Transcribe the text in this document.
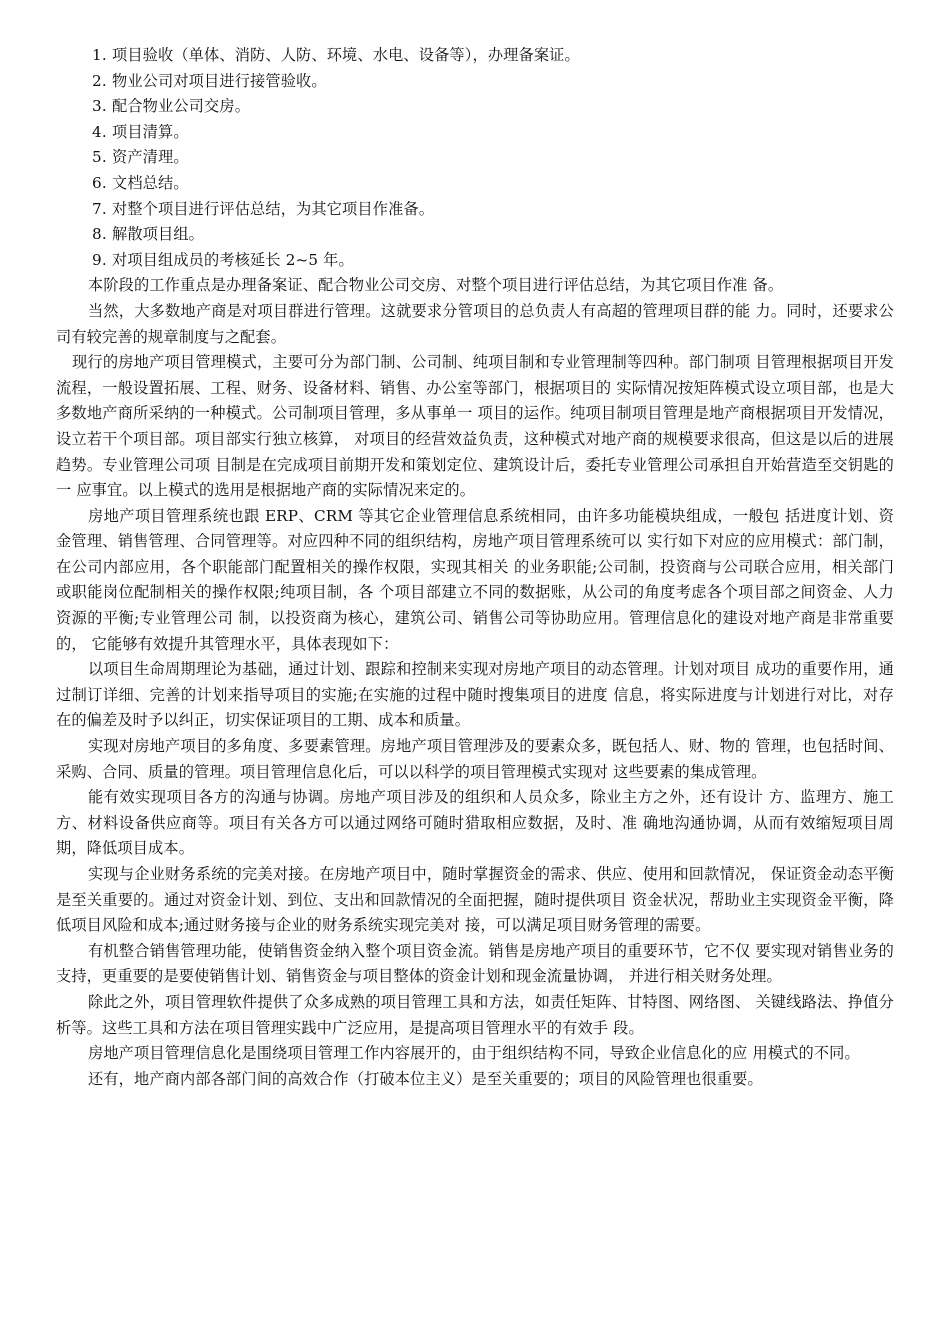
1. 项目验收（单体、消防、人防、环境、水电、设备等），办理备案证。
2. 物业公司对项目进行接管验收。
3. 配合物业公司交房。
4. 项目清算。
5. 资产清理。
6. 文档总结。
7. 对整个项目进行评估总结，为其它项目作准备。
8. 解散项目组。
9. 对项目组成员的考核延长 2~5 年。

本阶段的工作重点是办理备案证、配合物业公司交房、对整个项目进行评估总结，为其它项目作准 备。

当然，大多数地产商是对项目群进行管理。这就要求分管项目的总负责人有高超的管理项目群的能 力。同时，还要求公司有较完善的规章制度与之配套。

现行的房地产项目管理模式，主要可分为部门制、公司制、纯项目制和专业管理制等四种。部门制项 目管理根据项目开发流程，一般设置拓展、工程、财务、设备材料、销售、办公室等部门，根据项目的 实际情况按矩阵模式设立项目部，也是大多数地产商所采纳的一种模式。公司制项目管理，多从事单一 项目的运作。纯项目制项目管理是地产商根据项目开发情况，设立若干个项目部。项目部实行独立核算， 对项目的经营效益负责，这种模式对地产商的规模要求很高，但这是以后的进展趋势。专业管理公司项 目制是在完成项目前期开发和策划定位、建筑设计后，委托专业管理公司承担自开始营造至交钥匙的一 应事宜。以上模式的选用是根据地产商的实际情况来定的。

房地产项目管理系统也跟 ERP、CRM 等其它企业管理信息系统相同，由许多功能模块组成，一般包 括进度计划、资金管理、销售管理、合同管理等。对应四种不同的组织结构，房地产项目管理系统可以 实行如下对应的应用模式：部门制，在公司内部应用，各个职能部门配置相关的操作权限，实现其相关 的业务职能;公司制，投资商与公司联合应用，相关部门或职能岗位配制相关的操作权限;纯项目制，各 个项目部建立不同的数据账，从公司的角度考虑各个项目部之间资金、人力资源的平衡;专业管理公司 制，以投资商为核心，建筑公司、销售公司等协助应用。管理信息化的建设对地产商是非常重要的， 它能够有效提升其管理水平，具体表现如下：

以项目生命周期理论为基础，通过计划、跟踪和控制来实现对房地产项目的动态管理。计划对项目 成功的重要作用，通过制订详细、完善的计划来指导项目的实施;在实施的过程中随时搜集项目的进度 信息，将实际进度与计划进行对比，对存在的偏差及时予以纠正，切实保证项目的工期、成本和质量。

实现对房地产项目的多角度、多要素管理。房地产项目管理涉及的要素众多，既包括人、财、物的 管理，也包括时间、采购、合同、质量的管理。项目管理信息化后，可以以科学的项目管理模式实现对 这些要素的集成管理。

能有效实现项目各方的沟通与协调。房地产项目涉及的组织和人员众多，除业主方之外，还有设计 方、监理方、施工方、材料设备供应商等。项目有关各方可以通过网络可随时猎取相应数据，及时、准 确地沟通协调，从而有效缩短项目周期，降低项目成本。

实现与企业财务系统的完美对接。在房地产项目中，随时掌握资金的需求、供应、使用和回款情况， 保证资金动态平衡是至关重要的。通过对资金计划、到位、支出和回款情况的全面把握，随时提供项目 资金状况，帮助业主实现资金平衡，降低项目风险和成本;通过财务接与企业的财务系统实现完美对 接，可以满足项目财务管理的需要。

有机整合销售管理功能，使销售资金纳入整个项目资金流。销售是房地产项目的重要环节，它不仅 要实现对销售业务的支持，更重要的是要使销售计划、销售资金与项目整体的资金计划和现金流量协调， 并进行相关财务处理。

除此之外，项目管理软件提供了众多成熟的项目管理工具和方法，如责任矩阵、甘特图、网络图、 关键线路法、挣值分析等。这些工具和方法在项目管理实践中广泛应用，是提高项目管理水平的有效手 段。

房地产项目管理信息化是围绕项目管理工作内容展开的，由于组织结构不同，导致企业信息化的应 用模式的不同。

还有，地产商内部各部门间的高效合作（打破本位主义）是至关重要的；项目的风险管理也很重要。
